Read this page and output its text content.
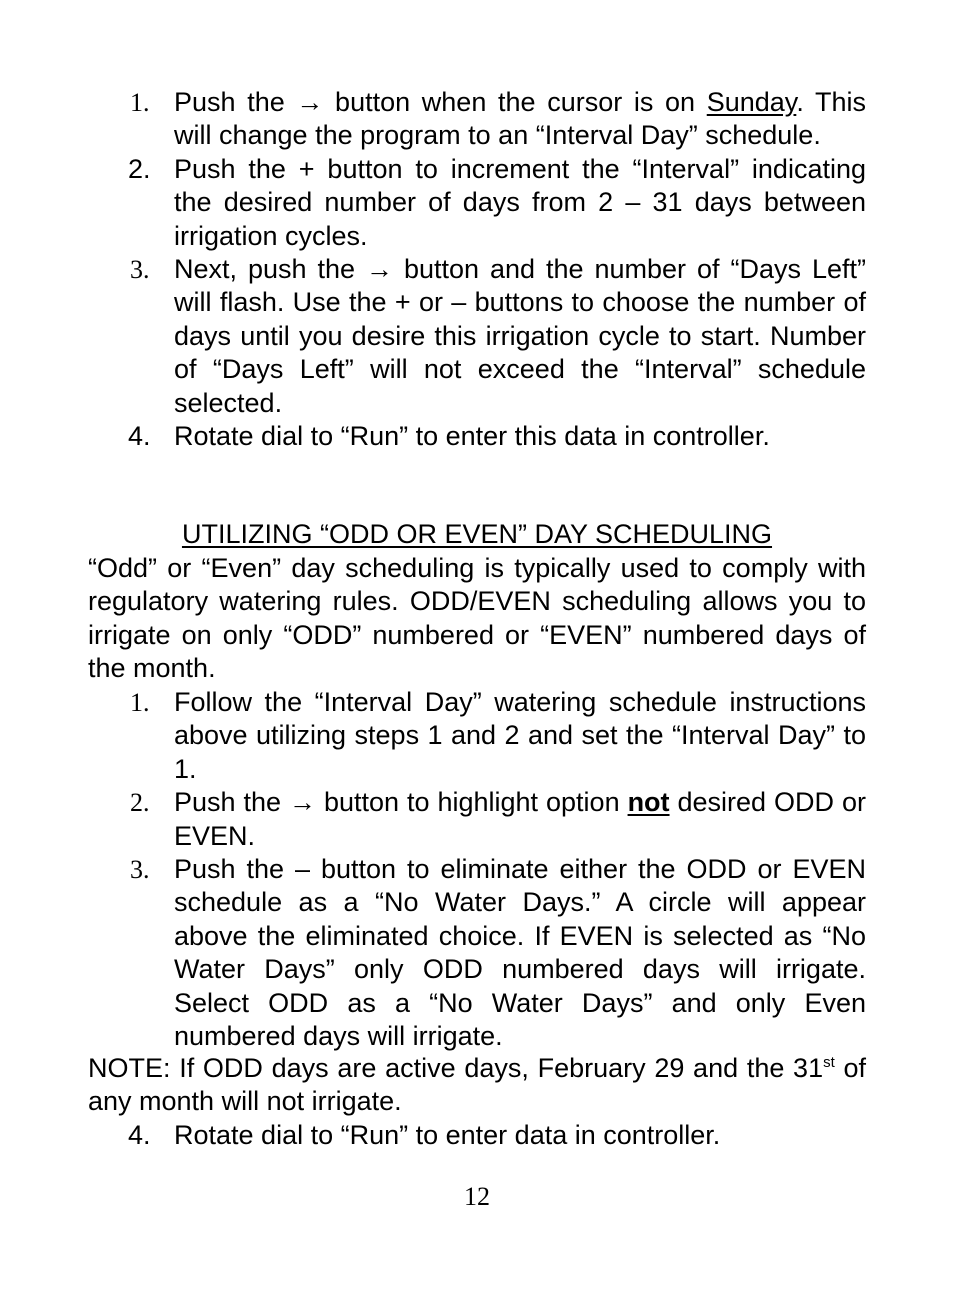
1. Push the → button when the cursor is on Sunday. This will change the program to an “Interval Day” schedule.
2. Push the + button to increment the “Interval” indicating the desired number of days from 2 – 31 days between irrigation cycles.
3. Next, push the → button and the number of “Days Left” will flash. Use the + or – buttons to choose the number of days until you desire this irrigation cycle to start. Number of “Days Left” will not exceed the “Interval” schedule selected.
4. Rotate dial to “Run” to enter this data in controller.
UTILIZING “ODD OR EVEN” DAY SCHEDULING
“Odd” or “Even” day scheduling is typically used to comply with regulatory watering rules. ODD/EVEN scheduling allows you to irrigate on only “ODD” numbered or “EVEN” numbered days of the month.
1. Follow the “Interval Day” watering schedule instructions above utilizing steps 1 and 2 and set the “Interval Day” to 1.
2. Push the → button to highlight option not desired ODD or EVEN.
3. Push the – button to eliminate either the ODD or EVEN schedule as a “No Water Days.” A circle will appear above the eliminated choice. If EVEN is selected as “No Water Days” only ODD numbered days will irrigate. Select ODD as a “No Water Days” and only Even numbered days will irrigate.
NOTE: If ODD days are active days, February 29 and the 31st of any month will not irrigate.
4. Rotate dial to “Run” to enter data in controller.
12
